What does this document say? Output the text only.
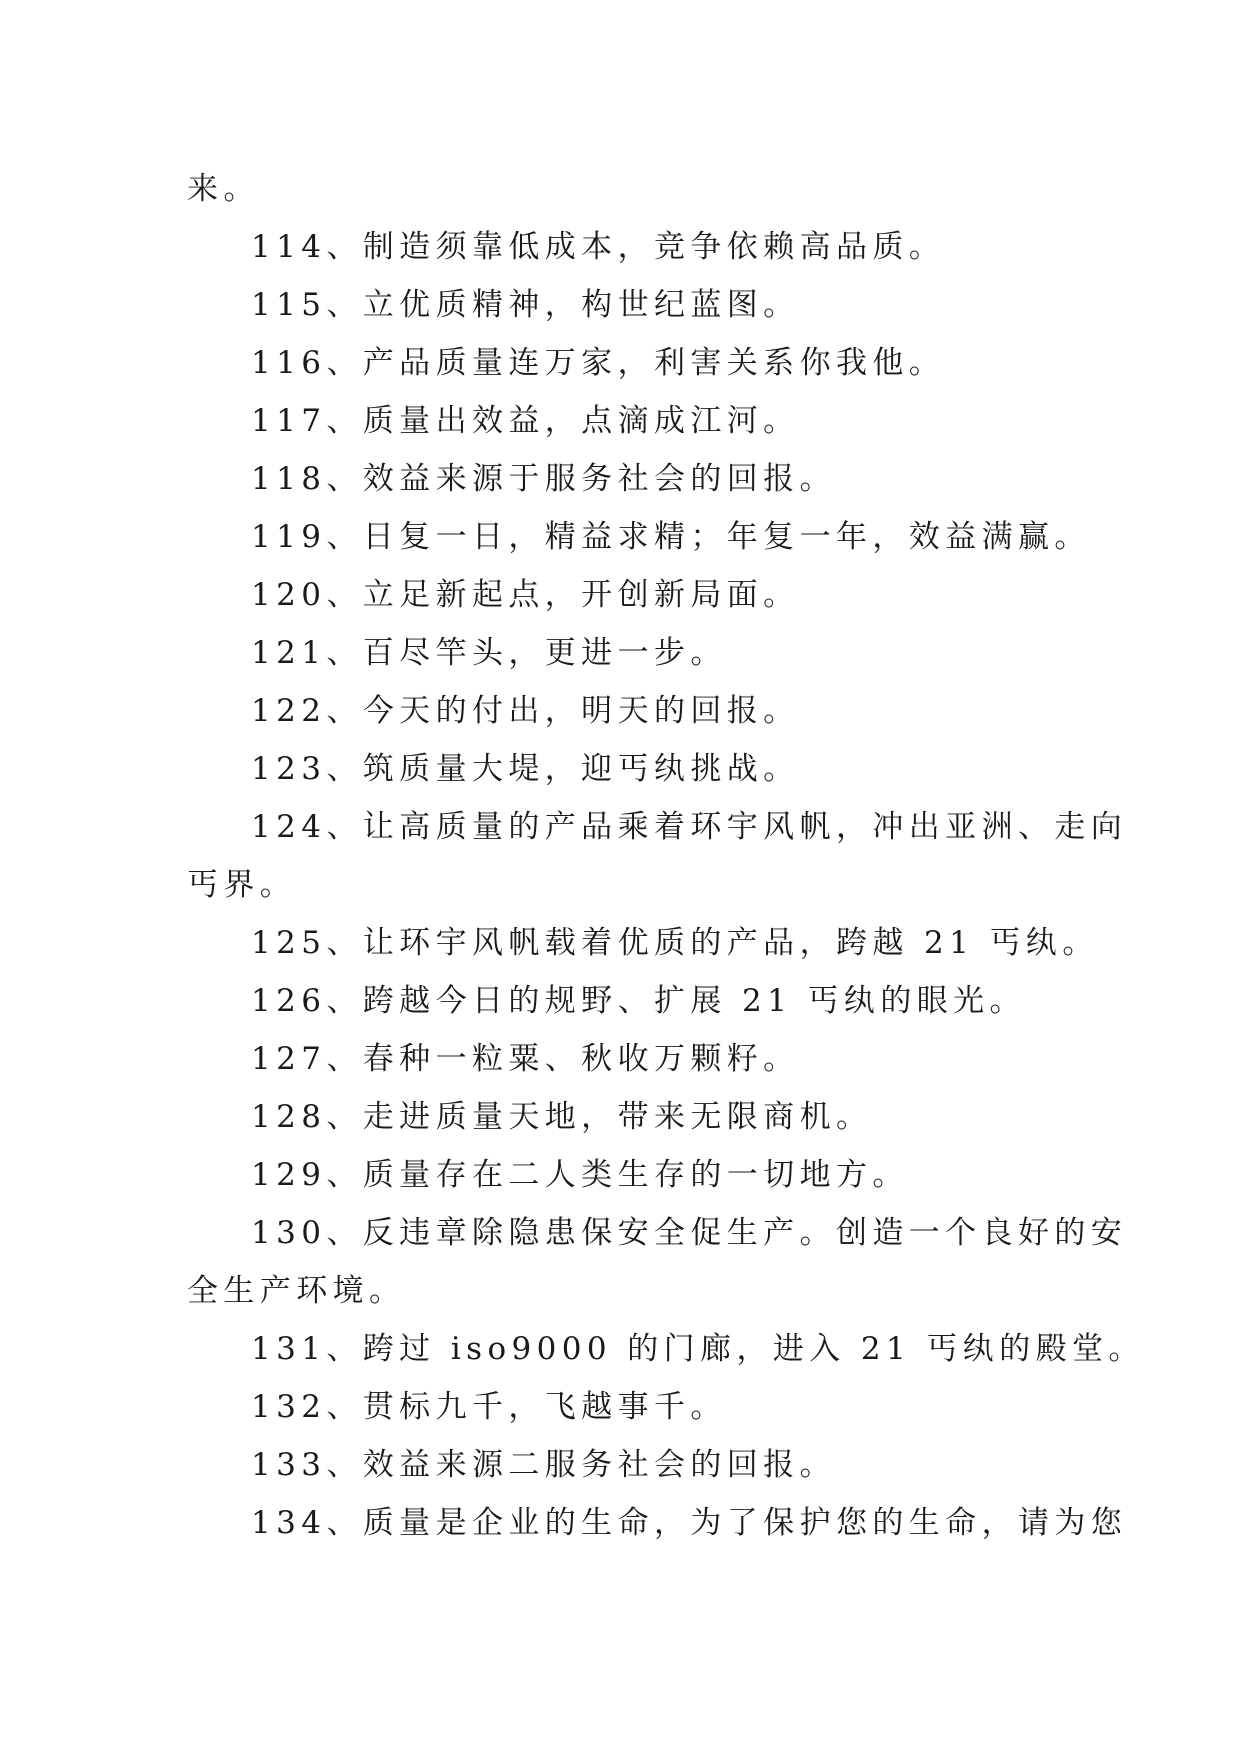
来。
114、制造须靠低成本，竞争依赖高品质。
115、立优质精神，构世纪蓝图。
116、产品质量连万家，利害关系你我他。
117、质量出效益，点滴成江河。
118、效益来源于服务社会的回报。
119、日复一日，精益求精；年复一年，效益满赢。
120、立足新起点，开创新局面。
121、百尽竿头，更进一步。
122、今天的付出，明天的回报。
123、筑质量大堤，迎丐纨挑战。
124、让高质量的产品乘着环宇风帆，冲出亚洲、走向
丐界。
125、让环宇风帆载着优质的产品，跨越 21 丐纨。
126、跨越今日的规野、扩展 21 丐纨的眼光。
127、春种一粒粟、秋收万颗籽。
128、走进质量天地，带来无限商机。
129、质量存在二人类生存的一切地方。
130、反违章除隐患保安全促生产。创造一个良好的安
全生产环境。
131、跨过 iso9000 的门廊，进入 21 丐纨的殿堂。
132、贯标九千，飞越事千。
133、效益来源二服务社会的回报。
134、质量是企业的生命，为了保护您的生命，请为您
